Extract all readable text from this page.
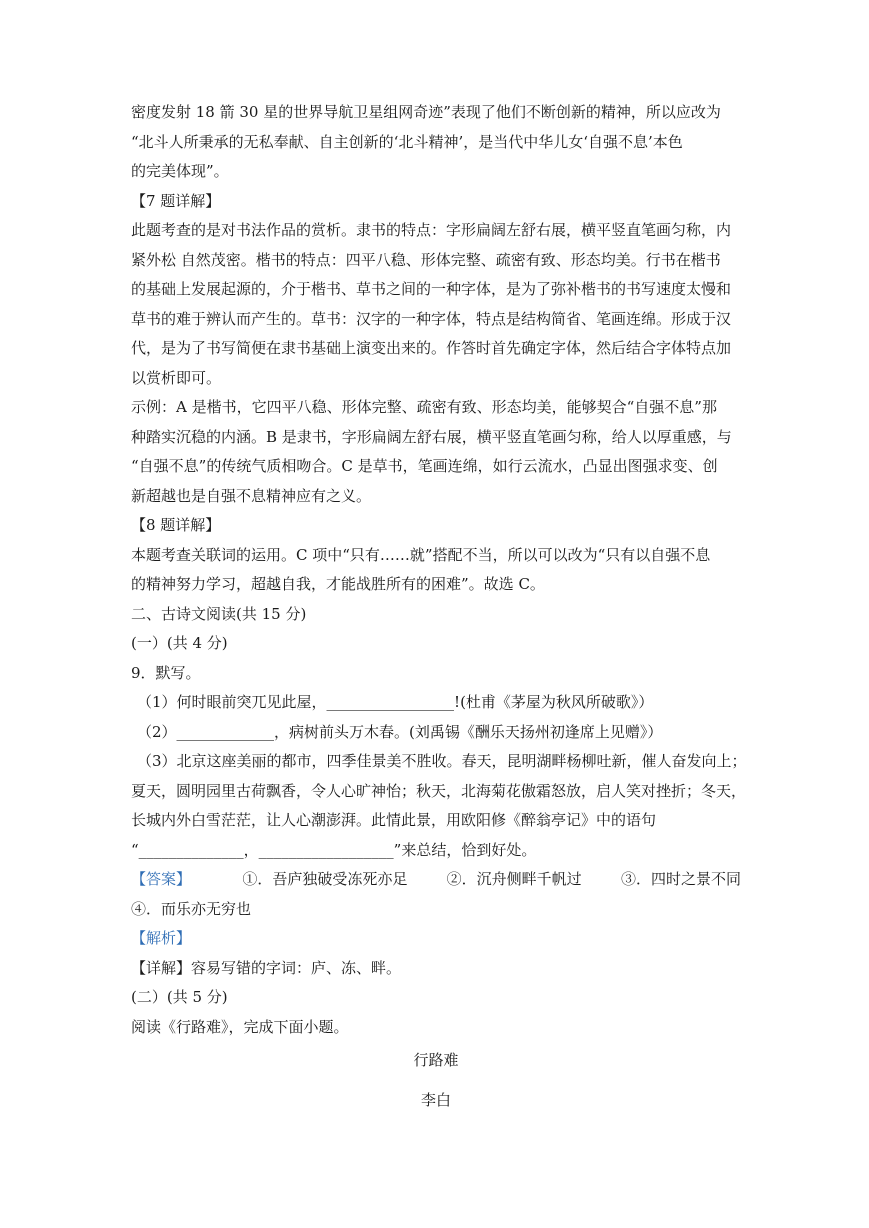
密度发射 18 箭 30 星的世界导航卫星组网奇迹”表现了他们不断创新的精神，所以应改为
“北斗人所秉承的无私奉献、自主创新的‘北斗精神’，是当代中华儿女‘自强不息’本色
的完美体现”。
【7 题详解】
此题考查的是对书法作品的赏析。隶书的特点：字形扁阔左舒右展，横平竖直笔画匀称，内
紧外松 自然茂密。楷书的特点：四平八稳、形体完整、疏密有致、形态均美。行书在楷书
的基础上发展起源的，介于楷书、草书之间的一种字体，是为了弥补楷书的书写速度太慢和
草书的难于辨认而产生的。草书：汉字的一种字体，特点是结构简省、笔画连绵。形成于汉
代，是为了书写简便在隶书基础上演变出来的。作答时首先确定字体，然后结合字体特点加
以赏析即可。
示例：A 是楷书，它四平八稳、形体完整、疏密有致、形态均美，能够契合“自强不息”那
种踏实沉稳的内涵。B 是隶书，字形扁阔左舒右展，横平竖直笔画匀称，给人以厚重感，与
“自强不息”的传统气质相吻合。C 是草书，笔画连绵，如行云流水，凸显出图强求变、创
新超越也是自强不息精神应有之义。
【8 题详解】
本题考查关联词的运用。C 项中“只有……就”搭配不当，所以可以改为“只有以自强不息
的精神努力学习，超越自我，才能战胜所有的困难”。故选 C。
二、古诗文阅读(共 15 分)
(一）(共 4 分)
9．默写。
（1）何时眼前突兀见此屋，_________________!(杜甫《茅屋为秋风所破歌》）
（2）_____________，病树前头万木春。(刘禹锡《酬乐天扬州初逢席上见赠》）
（3）北京这座美丽的都市，四季佳景美不胜收。春天，昆明湖畔杨柳吐新，催人奋发向上；
夏天，圆明园里古荷飘香，令人心旷神怡；秋天，北海菊花傲霜怒放，启人笑对挫折；冬天，
长城内外白雪茫茫，让人心潮澎湃。此情此景，用欧阳修《醉翁亭记》中的语句
“______________，__________________”来总结，恰到好处。
【答案】	①．吾庐独破受冻死亦足	②．沉舟侧畔千帆过	③．四时之景不同
④．而乐亦无穷也
【解析】
【详解】容易写错的字词：庐、冻、畔。
(二）(共 5 分)
阅读《行路难》，完成下面小题。
行路难
李白
